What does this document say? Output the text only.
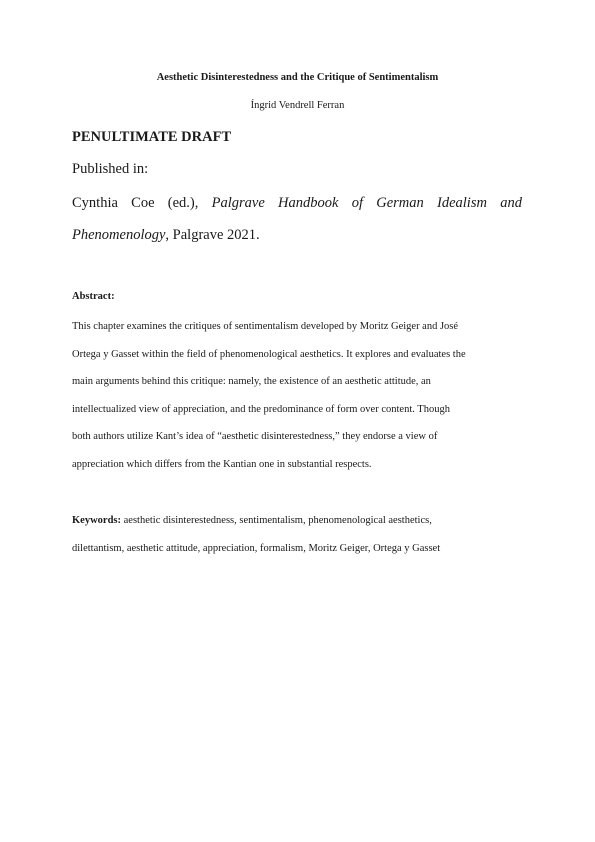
Aesthetic Disinterestedness and the Critique of Sentimentalism
Íngrid Vendrell Ferran
PENULTIMATE DRAFT
Published in:
Cynthia Coe (ed.), Palgrave Handbook of German Idealism and
Phenomenology, Palgrave 2021.
Abstract:
This chapter examines the critiques of sentimentalism developed by Moritz Geiger and José
Ortega y Gasset within the field of phenomenological aesthetics. It explores and evaluates the
main arguments behind this critique: namely, the existence of an aesthetic attitude, an
intellectualized view of appreciation, and the predominance of form over content. Though
both authors utilize Kant’s idea of “aesthetic disinterestedness,” they endorse a view of
appreciation which differs from the Kantian one in substantial respects.
Keywords: aesthetic disinterestedness, sentimentalism, phenomenological aesthetics,
dilettantism, aesthetic attitude, appreciation, formalism, Moritz Geiger, Ortega y Gasset
